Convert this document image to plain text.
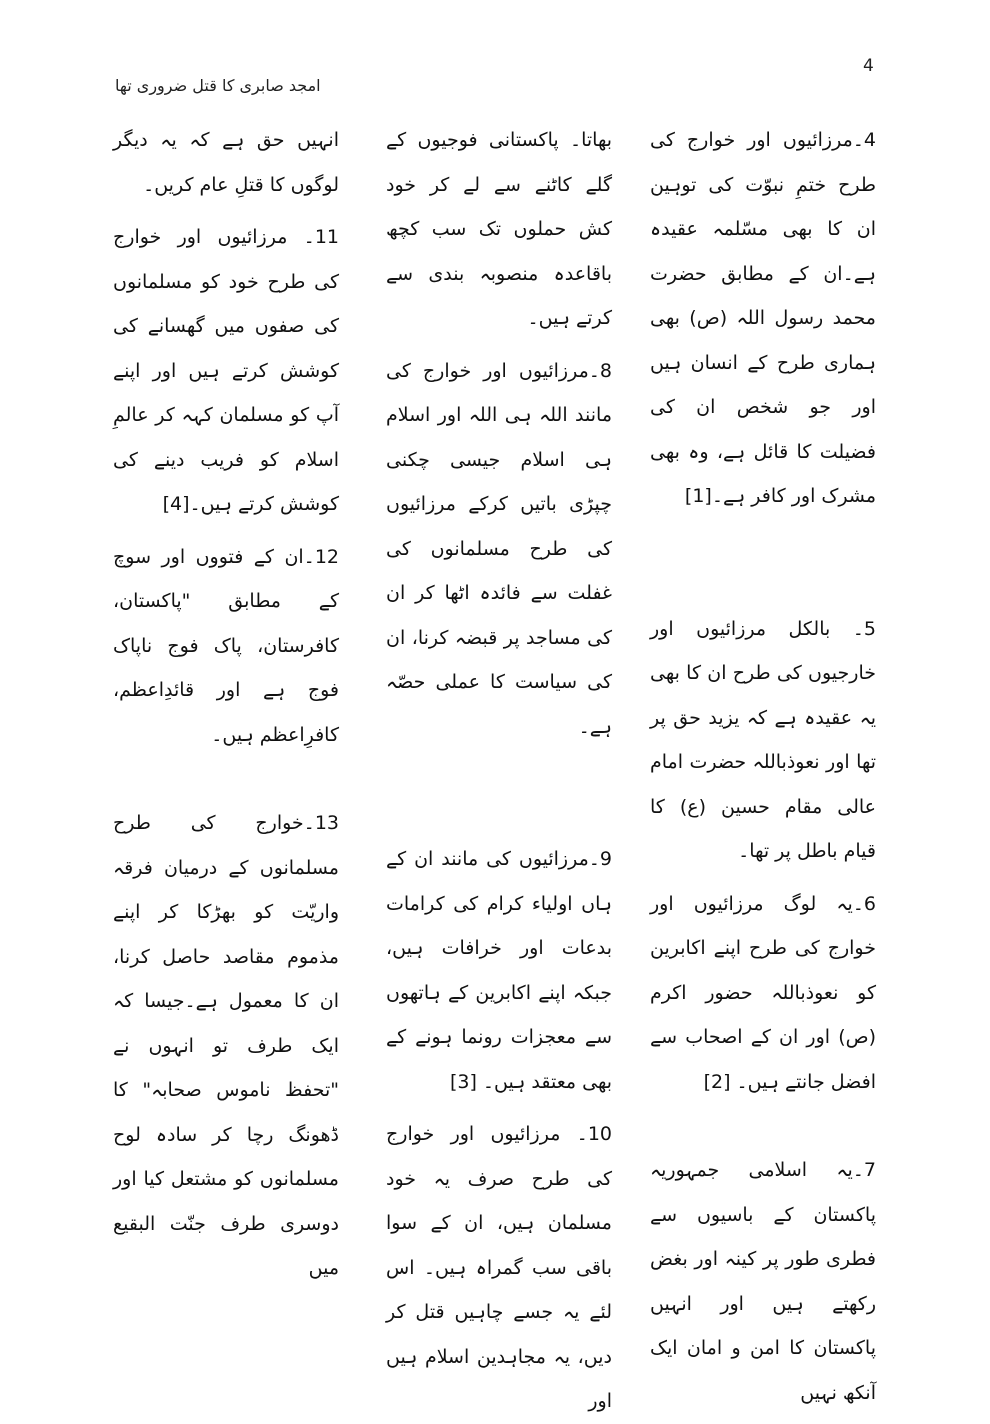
4
امجد صابری کا قتل ضروری تھا

4۔مرزائیوں اور خوارج کی طرح ختمِ نبوّت کی توہین ان کا بھی مسّلمہ عقیدہ ہے۔ان کے مطابق حضرت محمد رسول اللہ (ص) بھی ہماری طرح کے انسان ہیں اور جو شخص ان کی فضیلت کا قائل ہے، وہ بھی مشرک اور کافر ہے۔[1]

5۔ بالکل مرزائیوں اور خارجیوں کی طرح ان کا بھی یہ عقیدہ ہے کہ یزید حق پر تھا اور نعوذباللہ حضرت امام عالی مقام حسین (ع) کا قیام باطل پر تھا۔

6۔یہ لوگ مرزائیوں اور خوارج کی طرح اپنے اکابرین کو نعوذباللہ حضور اکرم (ص) اور ان کے اصحاب سے افضل جانتے ہیں۔ [2]

7۔یہ اسلامی جمہوریہ پاکستان کے باسیوں سے فطری طور پر کینہ اور بغض رکھتے ہیں اور انہیں پاکستان کا امن و امان ایک آنکھ نہیں

بھاتا۔ پاکستانی فوجیوں کے گلے کاٹنے سے لے کر خود کش حملوں تک سب کچھ باقاعدہ منصوبہ بندی سے کرتے ہیں۔

8۔مرزائیوں اور خوارج کی مانند اللہ ہی اللہ اور اسلام ہی اسلام جیسی چکنی چپڑی باتیں کرکے مرزائیوں کی طرح مسلمانوں کی غفلت سے فائدہ اٹھا کر ان کی مساجد پر قبضہ کرنا، ان کی سیاست کا عملی حصّہ ہے۔

9۔مرزائیوں کی مانند ان کے ہاں اولیاء کرام کی کرامات بدعات اور خرافات ہیں، جبکہ اپنے اکابرین کے ہاتھوں سے معجزات رونما ہونے کے بھی معتقد ہیں۔ [3]

10۔ مرزائیوں اور خوارج کی طرح صرف یہ خود مسلمان ہیں، ان کے سوا باقی سب گمراہ ہیں۔ اس لئے یہ جسے چاہیں قتل کر دیں، یہ مجاہدین اسلام ہیں اور

انہیں حق ہے کہ یہ دیگر لوگوں کا قتلِ عام کریں۔

11۔ مرزائیوں اور خوارج کی طرح خود کو مسلمانوں کی صفوں میں گھسانے کی کوشش کرتے ہیں اور اپنے آپ کو مسلمان کہہ کر عالمِ اسلام کو فریب دینے کی کوشش کرتے ہیں۔[4]

12۔ان کے فتووں اور سوچ کے مطابق "پاکستان، کافرستان، پاک فوج ناپاک فوج ہے اور قائدِاعظم، کافرِاعظم ہیں۔

13۔خوارج کی طرح مسلمانوں کے درمیان فرقہ واریّت کو بھڑکا کر اپنے مذموم مقاصد حاصل کرنا، ان کا معمول ہے۔جیسا کہ ایک طرف تو انہوں نے "تحفظ ناموس صحابہ" کا ڈھونگ رچا کر سادہ لوح مسلمانوں کو مشتعل کیا اور دوسری طرف جنّت البقیع میں
